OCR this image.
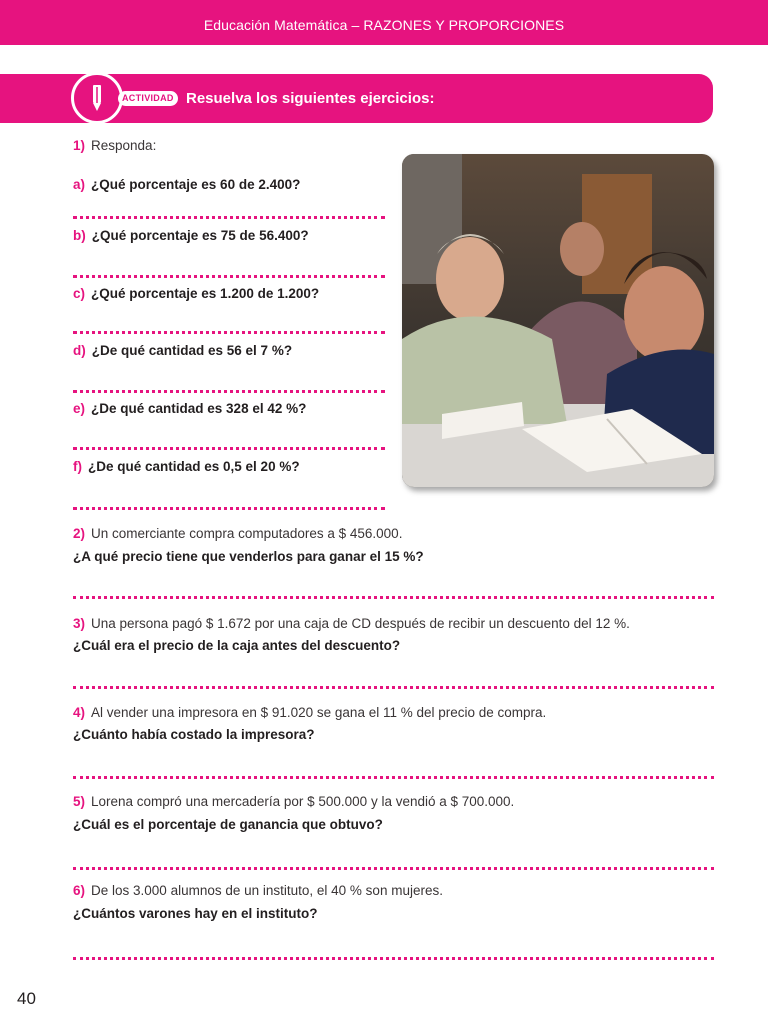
Educación Matemática – RAZONES Y PROPORCIONES
ACTIVIDAD Resuelva los siguientes ejercicios:
1) Responda:
a) ¿Qué porcentaje es 60 de 2.400?
b) ¿Qué porcentaje es 75 de 56.400?
c) ¿Qué porcentaje es 1.200 de 1.200?
d) ¿De qué cantidad es 56 el 7 %?
e) ¿De qué cantidad es 328 el 42 %?
f) ¿De qué cantidad es 0,5 el 20 %?
2) Un comerciante compra computadores a $ 456.000.
¿A qué precio tiene que venderlos para ganar el 15 %?
3) Una persona pagó $ 1.672 por una caja de CD después de recibir un descuento del 12 %.
¿Cuál era el precio de la caja antes del descuento?
4) Al vender una impresora en $ 91.020 se gana el 11 % del precio de compra.
¿Cuánto había costado la impresora?
5) Lorena compró una mercadería por $ 500.000 y la vendió a $ 700.000.
¿Cuál es el porcentaje de ganancia que obtuvo?
6) De los 3.000 alumnos de un instituto, el 40 % son mujeres.
¿Cuántos varones hay en el instituto?
40
